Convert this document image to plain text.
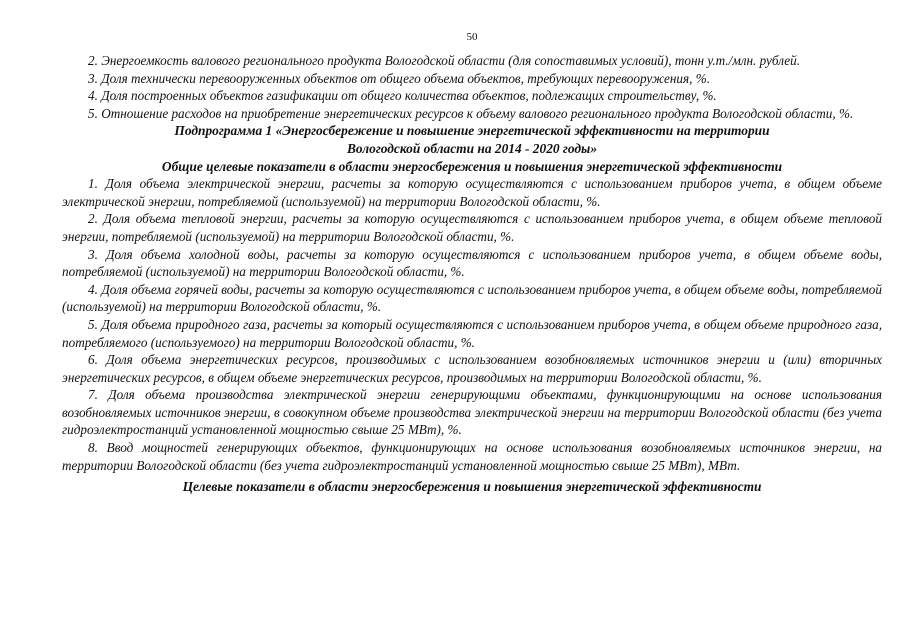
50

2. Энергоемкость валового регионального продукта Вологодской области (для сопоставимых условий), тонн у.т./млн. рублей.

3. Доля технически перевооруженных объектов от общего объема объектов, требующих перевооружения, %.

4. Доля построенных объектов газификации от общего количества объектов, подлежащих строительству, %.

5. Отношение расходов на приобретение энергетических ресурсов к объему валового регионального продукта Вологодской области, %.

Подпрограмма 1 «Энергосбережение и повышение энергетической эффективности на территории
Вологодской области на 2014 - 2020 годы»
Общие целевые показатели в области энергосбережения и повышения энергетической эффективности

1. Доля объема электрической энергии, расчеты за которую осуществляются с использованием приборов учета, в общем объеме электрической энергии, потребляемой (используемой) на территории Вологодской области, %.

2. Доля объема тепловой энергии, расчеты за которую осуществляются с использованием приборов учета, в общем объеме тепловой энергии, потребляемой (используемой) на территории Вологодской области, %.

3. Доля объема холодной воды, расчеты за которую осуществляются с использованием приборов учета, в общем объеме воды, потребляемой (используемой) на территории Вологодской области, %.

4. Доля объема горячей воды, расчеты за которую осуществляются с использованием приборов учета, в общем объеме воды, потребляемой (используемой) на территории Вологодской области, %.

5. Доля объема природного газа, расчеты за который осуществляются с использованием приборов учета, в общем объеме природного газа, потребляемого (используемого) на территории Вологодской области, %.

6. Доля объема энергетических ресурсов, производимых с использованием возобновляемых источников энергии и (или) вторичных энергетических ресурсов, в общем объеме энергетических ресурсов, производимых на территории Вологодской области, %.

7. Доля объема производства электрической энергии генерирующими объектами, функционирующими на основе использования возобновляемых источников энергии, в совокупном объеме производства электрической энергии на территории Вологодской области (без учета гидроэлектростанций установленной мощностью свыше 25 МВт), %.

8. Ввод мощностей генерирующих объектов, функционирующих на основе использования возобновляемых источников энергии, на территории Вологодской области (без учета гидроэлектростанций установленной мощностью свыше 25 МВт), МВт.

Целевые показатели в области энергосбережения и повышения энергетической эффективности
